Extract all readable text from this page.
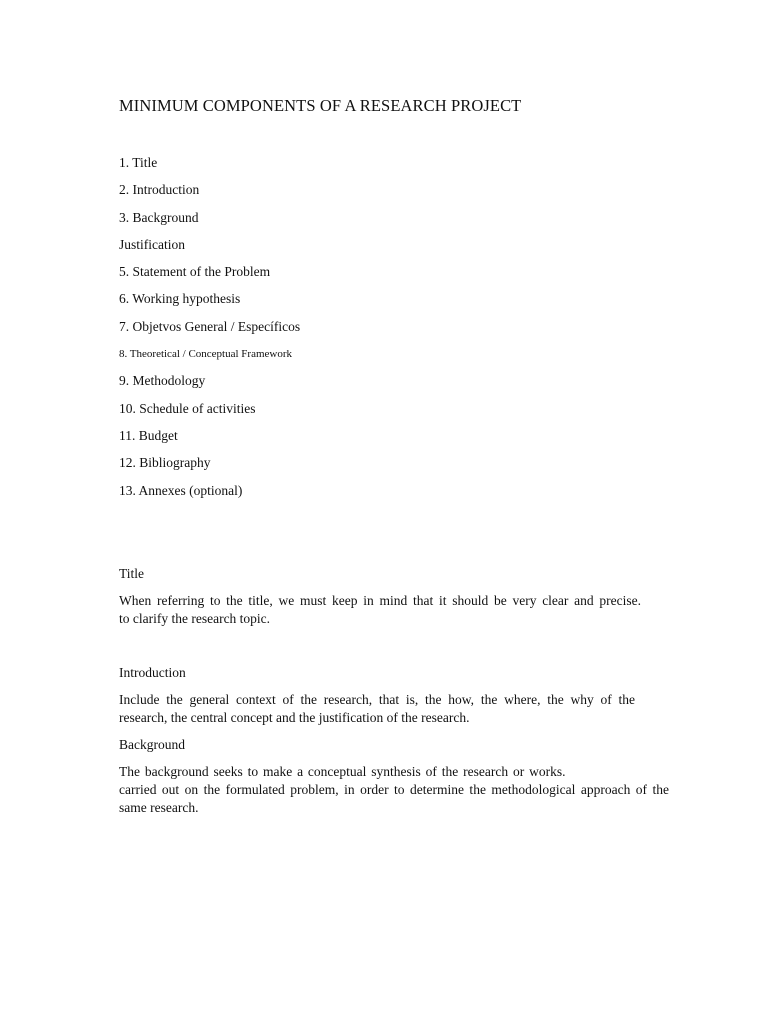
MINIMUM COMPONENTS OF A RESEARCH PROJECT
1. Title
2. Introduction
3. Background
Justification
5. Statement of the Problem
6. Working hypothesis
7. Objetvos General / Específicos
8. Theoretical / Conceptual Framework
9. Methodology
10. Schedule of activities
11. Budget
12. Bibliography
13. Annexes (optional)
Title

When referring to the title, we must keep in mind that it should be very clear and precise.
to clarify the research topic.

Introduction

Include the general context of the research, that is, the how, the where, the why of the
research, the central concept and the justification of the research.

Background

The background seeks to make a conceptual synthesis of the research or works.
carried out on the formulated problem, in order to determine the methodological approach of the
same research.
